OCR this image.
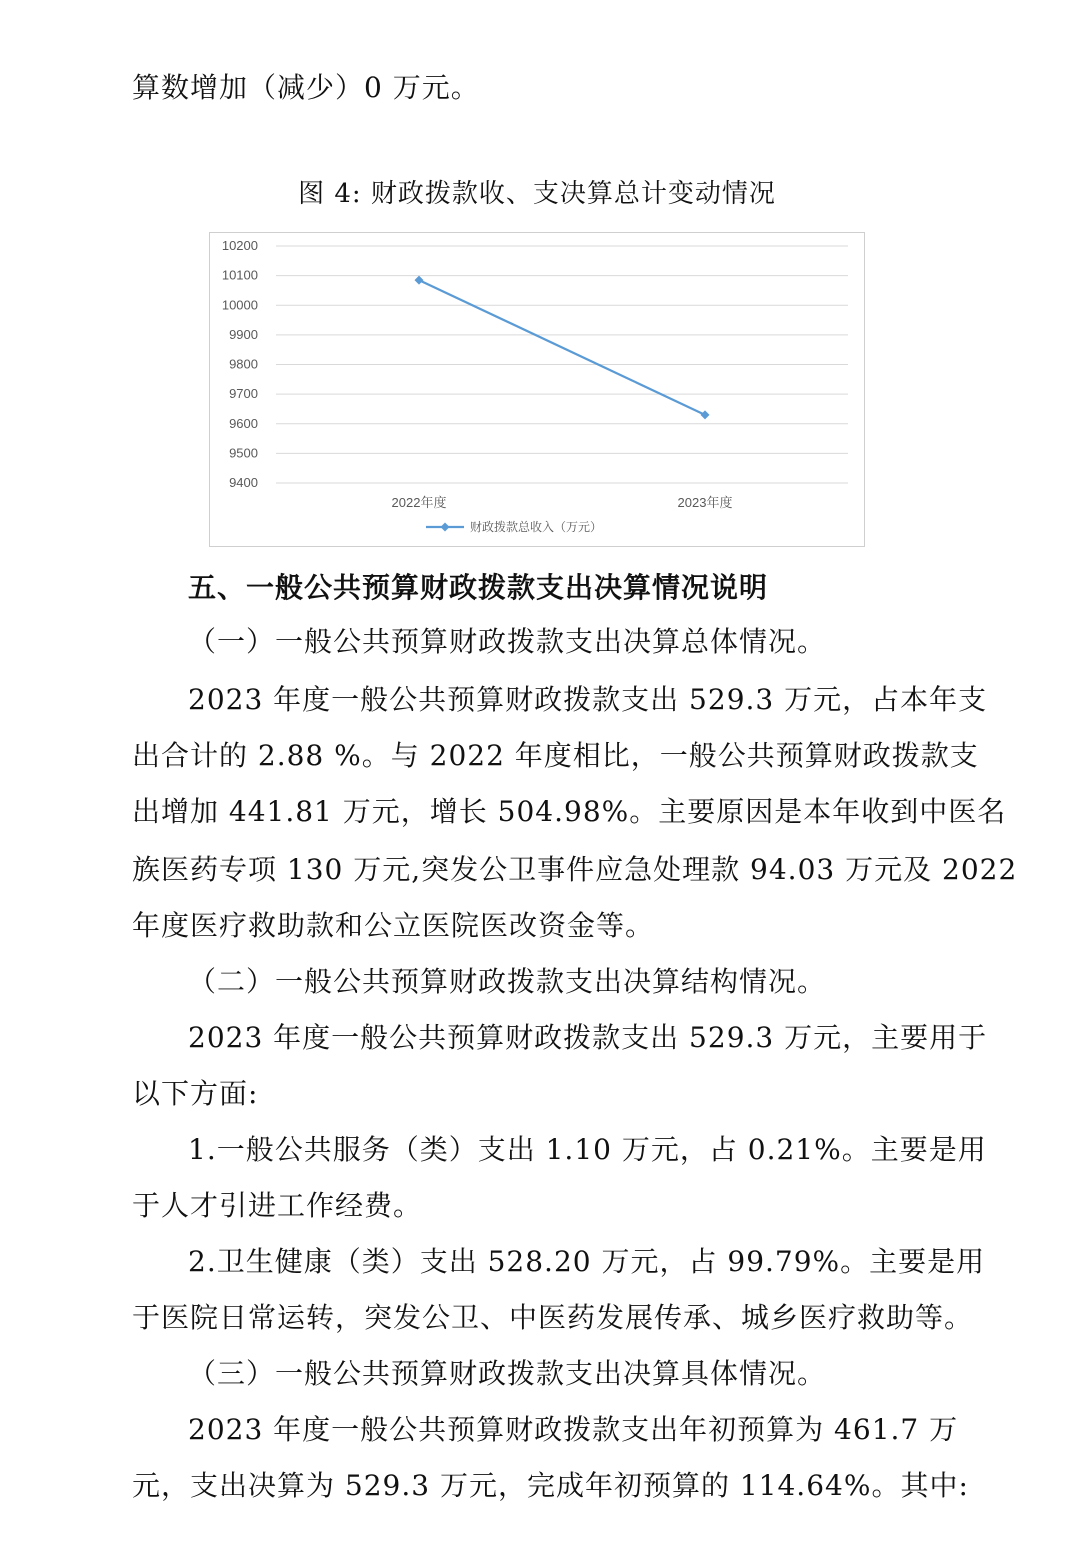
算数增加（减少）0 万元。
图 4: 财政拨款收、支决算总计变动情况
9400
9500
9600
9700
9800
9900
10000
10100
10200
2022年度	2023年度
财政拨款总收入（万元）
五、一般公共预算财政拨款支出决算情况说明
（一）一般公共预算财政拨款支出决算总体情况。
2023 年度一般公共预算财政拨款支出 529.3 万元，占本年支
出合计的 2.88 %。与 2022 年度相比，一般公共预算财政拨款支
出增加 441.81 万元，增长 504.98%。主要原因是本年收到中医名
族医药专项 130 万元,突发公卫事件应急处理款 94.03 万元及 2022
年度医疗救助款和公立医院医改资金等。
（二）一般公共预算财政拨款支出决算结构情况。
2023 年度一般公共预算财政拨款支出 529.3 万元，主要用于
以下方面:
1.一般公共服务（类）支出 1.10 万元，占 0.21%。主要是用
于人才引进工作经费。
2.卫生健康（类）支出 528.20 万元，占 99.79%。主要是用
于医院日常运转，突发公卫、中医药发展传承、城乡医疗救助等。
（三）一般公共预算财政拨款支出决算具体情况。
2023 年度一般公共预算财政拨款支出年初预算为 461.7 万
元，支出决算为 529.3 万元，完成年初预算的 114.64%。其中:
